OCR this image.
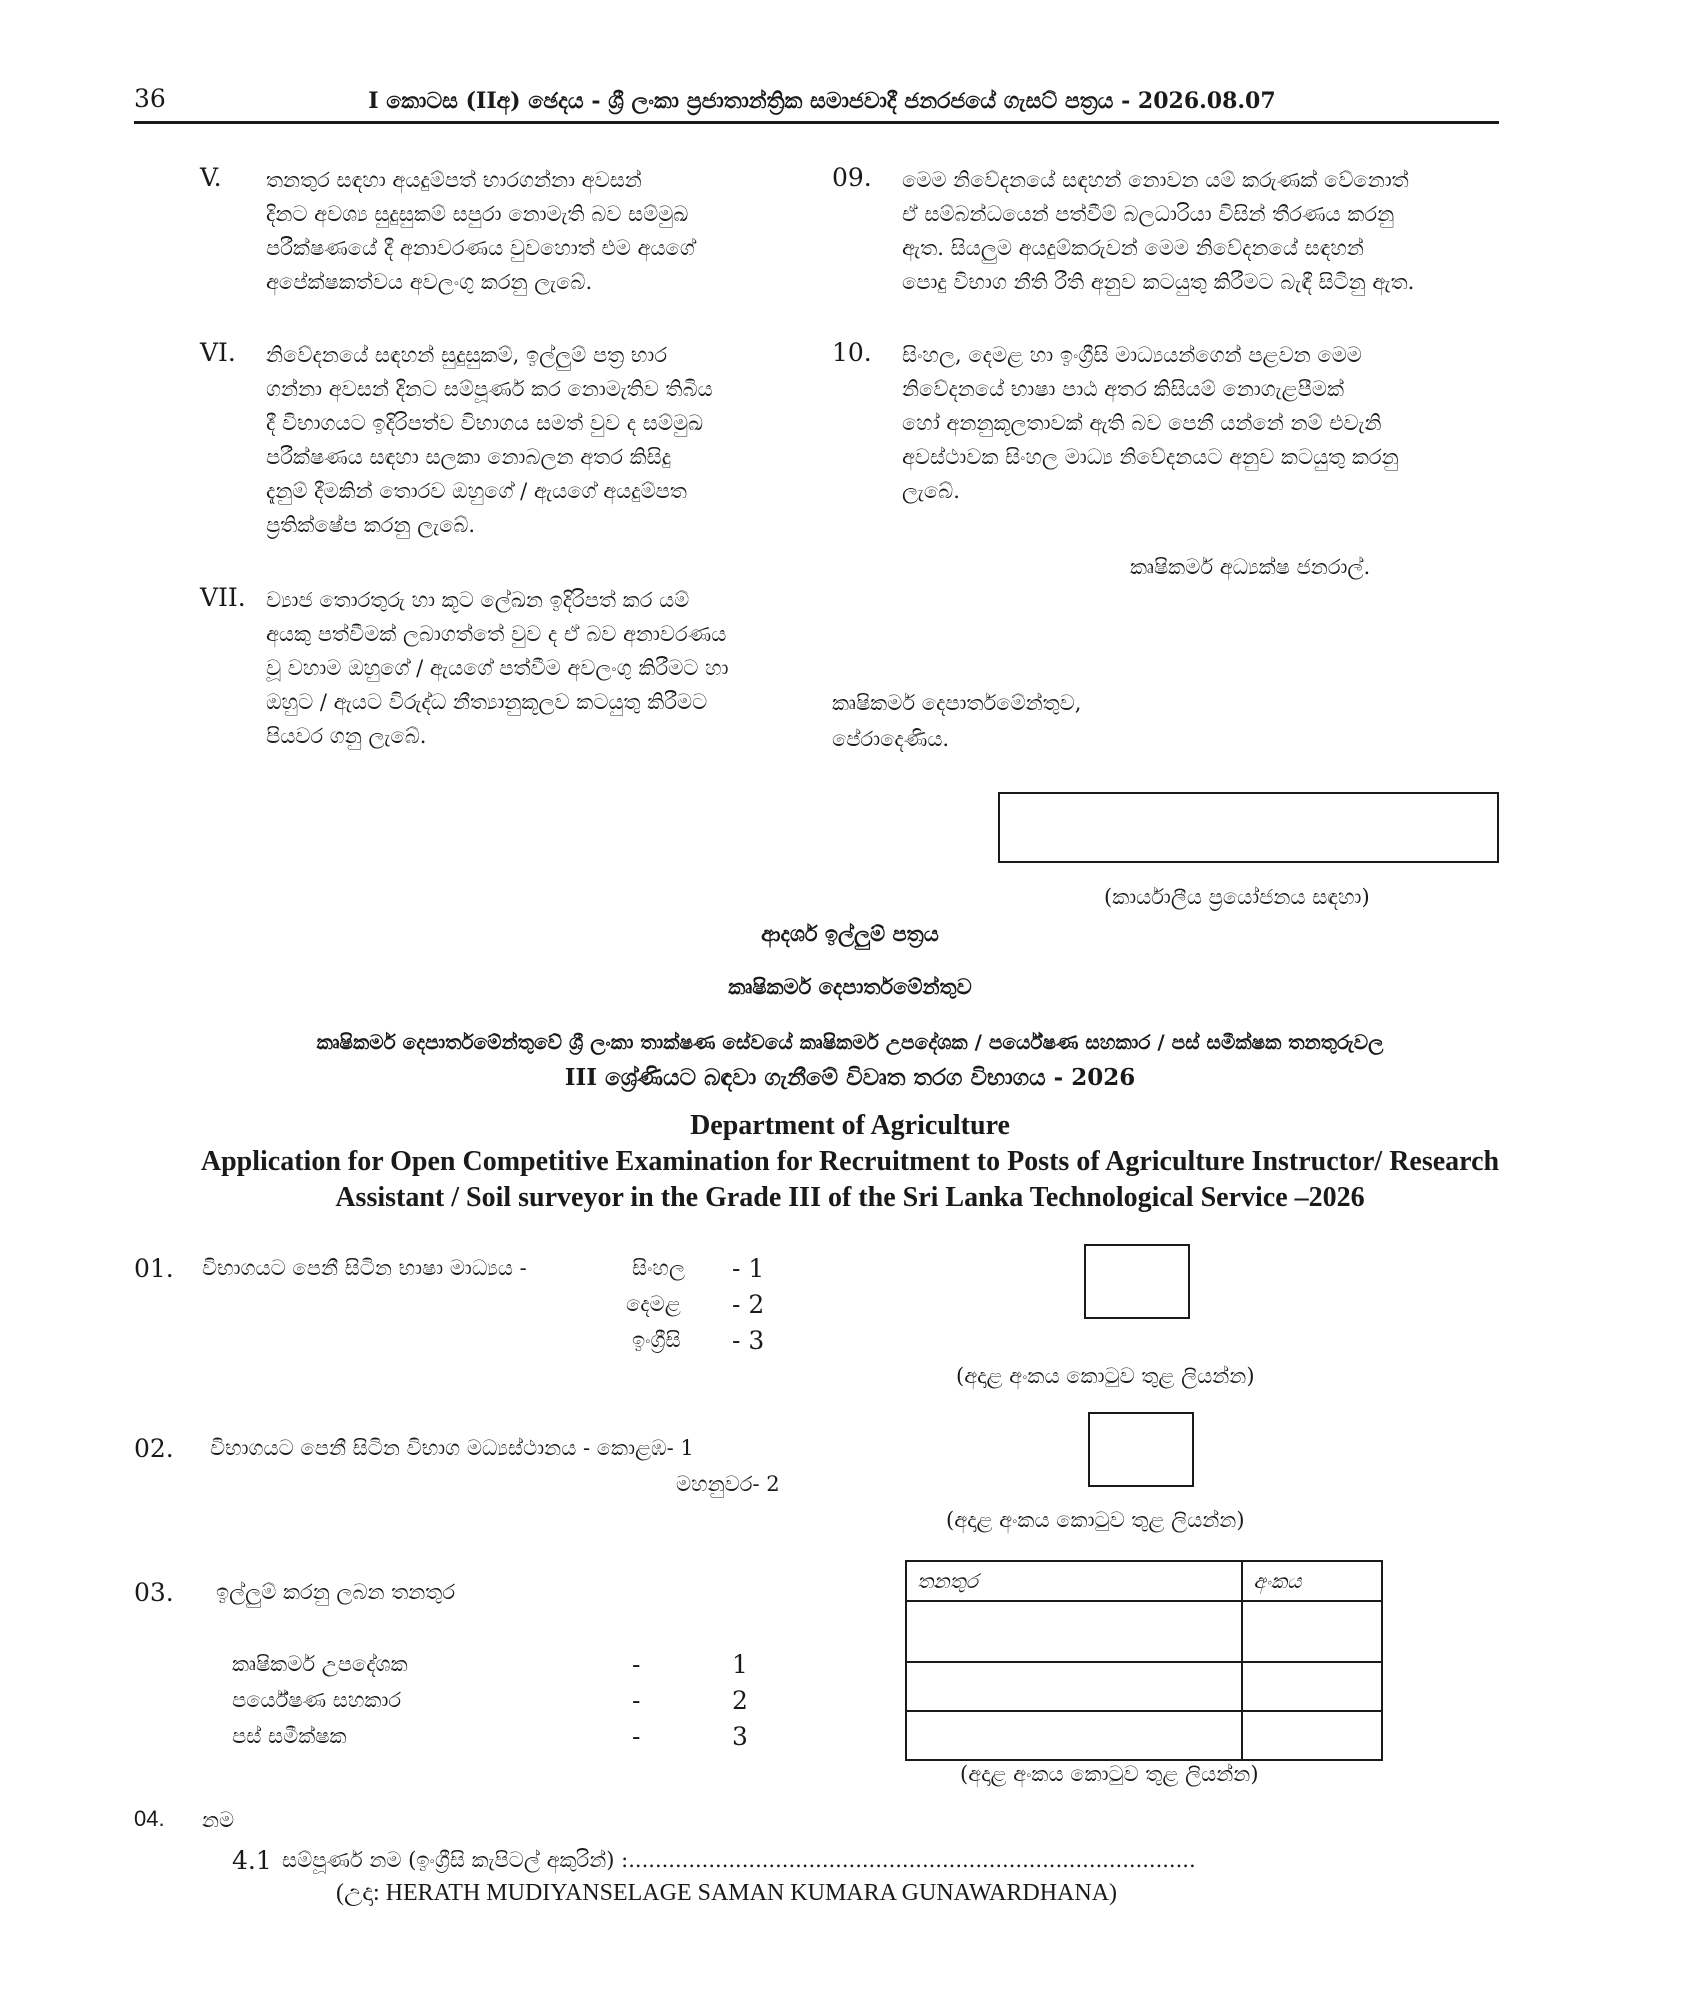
36	I කොටස (IIඅ) ඡෙදය - ශ්‍රී ලංකා ප්‍රජාතාන්ත්‍රික සමාජවාදී ජනරජයේ ගැසට් පත්‍රය - 2026.08.07
V. තනතුර සඳහා අයදුම්පත් භාරගන්නා අවසන්
දිනට අවශ්‍ය සුදුසුකම් සපුරා නොමැති බව සම්මුඛ
පරීක්ෂණයේ දී අනාවරණය වුවහොත් එම අයගේ
අපේක්ෂකත්වය අවලංගු කරනු ලැබේ.
VI. නිවේදනයේ සඳහන් සුදුසුකම්, ඉල්ලුම් පත්‍ර භාර
ගන්නා අවසන් දිනට සම්පූර්ණ කර නොමැතිව තිබිය
දී විභාගයට ඉදිරිපත්ව විභාගය සමත් වුව ද සම්මුඛ
පරීක්ෂණය සඳහා සලකා නොබලන අතර කිසිදු
දැනුම් දීමකින් තොරව ඔහුගේ / ඇයගේ අයදුම්පත
ප්‍රතික්ෂේප කරනු ලැබේ.
VII. ව්‍යාජ තොරතුරු හා කූට ලේඛන ඉදිරිපත් කර යම්
අයකු පත්වීමක් ලබාගත්තේ වුව ද ඒ බව අනාවරණය
වූ වහාම ඔහුගේ / ඇයගේ පත්වීම අවලංගු කිරීමට හා
ඔහුට / ඇයට විරුද්ධ නීත්‍යානුකූලව කටයුතු කිරීමට
පියවර ගනු ලැබේ.
09. මෙම නිවේදනයේ සඳහන් නොවන යම් කරුණක් වේනොත්
ඒ සම්බන්ධයෙන් පත්වීම් බලධාරියා විසින් තීරණය කරනු
ඇත. සියලුම අයදුම්කරුවන් මෙම නිවේදනයේ සඳහන්
පොදු විභාග නීති රීති අනුව කටයුතු කිරීමට බැඳී සිටිනු ඇත.
10. සිංහල, දෙමළ හා ඉංග්‍රීසි මාධ්‍යයන්ගෙන් පළවන මෙම
නිවේදනයේ භාෂා පාඨ අතර කිසියම් නොගැළපීමක්
හෝ අනනුකූලතාවක් ඇති බව පෙනී යන්නේ නම් එවැනි
අවස්ථාවක සිංහල මාධ්‍ය නිවේදනයට අනුව කටයුතු කරනු
ලැබේ.
කෘෂිකර්ම අධ්‍යක්ෂ ජනරාල්.
කෘෂිකර්ම දෙපාර්තමේන්තුව,
පේරාදෙණිය.
(කාර්යාලීය ප්‍රයෝජනය සඳහා)
ආදර්ශ ඉල්ලුම් පත්‍රය
කෘෂිකර්ම දෙපාර්තමේන්තුව
කෘෂිකර්ම දෙපාර්තමේන්තුවේ ශ්‍රී ලංකා තාක්ෂණ සේවයේ කෘෂිකර්ම උපදේශක / පර්යේෂණ සහකාර / පස් සමීක්ෂක තනතුරුවල
III ශ්‍රේණියට බඳවා ගැනීමේ විවෘත තරග විභාගය - 2026
Department of Agriculture
Application for Open Competitive Examination for Recruitment to Posts of Agriculture Instructor/ Research
Assistant / Soil surveyor in the Grade III of the Sri Lanka Technological Service –2026
01. විභාගයට පෙනී සිටින භාෂා මාධ්‍යය -	සිංහල - 1
දෙමළ - 2
ඉංග්‍රීසි - 3
(අදාළ අංකය කොටුව තුළ ලියන්න)
02. විභාගයට පෙනී සිටින විභාග මධ්‍යස්ථානය - කොළඹ- 1
මහනුවර- 2
(අදාළ අංකය කොටුව තුළ ලියන්න)
03. ඉල්ලුම් කරනු ලබන තනතුර
කෘෂිකර්ම උපදේශක	-	1
පර්යේෂණ සහකාර	-	2
පස් සමීක්ෂක	-	3
තනතුර	අංකය

(අදාළ අංකය කොටුව තුළ ලියන්න)
04. නම
4.1 සම්පූර්ණ නම (ඉංග්‍රීසි කැපිටල් අකුරින්) :.....................................................................................
(උදා: HERATH MUDIYANSELAGE SAMAN KUMARA GUNAWARDHANA)
